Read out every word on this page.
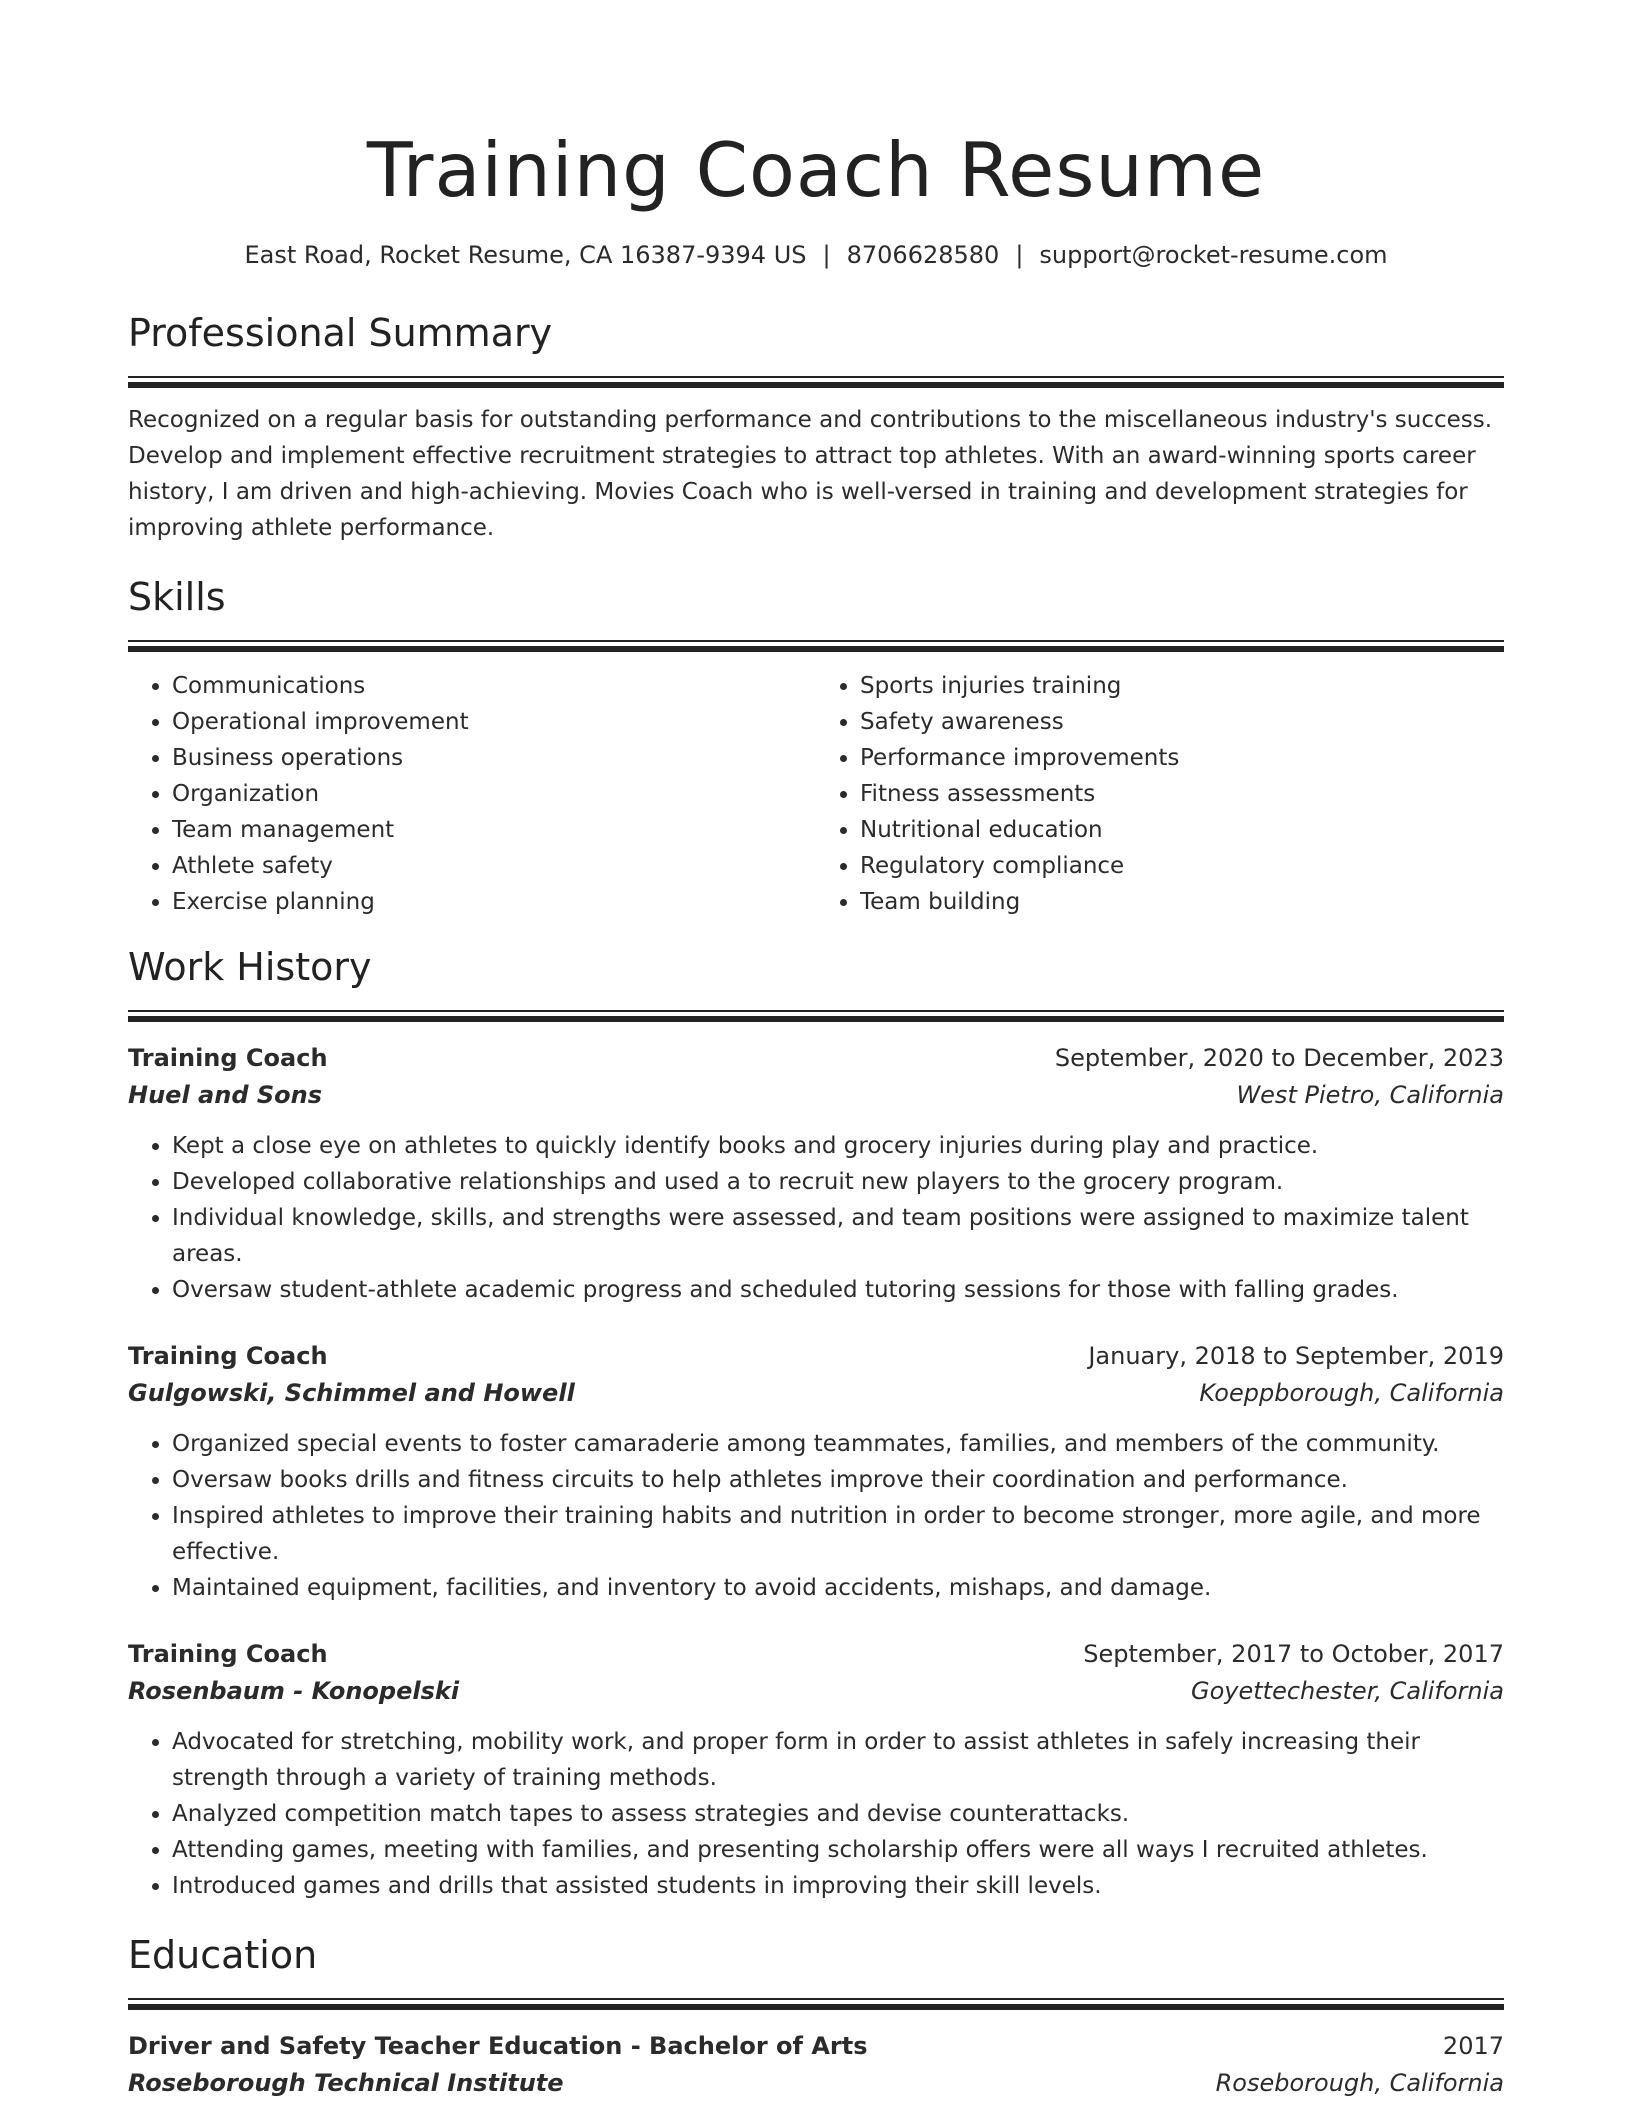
Training Coach Resume
East Road, Rocket Resume, CA 16387-9394 US | 8706628580 | support@rocket-resume.com
Professional Summary

Recognized on a regular basis for outstanding performance and contributions to the miscellaneous industry's success. Develop and implement effective recruitment strategies to attract top athletes. With an award-winning sports career history, I am driven and high-achieving. Movies Coach who is well-versed in training and development strategies for improving athlete performance.

Skills
• Communications
• Operational improvement
• Business operations
• Organization
• Team management
• Athlete safety
• Exercise planning
• Sports injuries training
• Safety awareness
• Performance improvements
• Fitness assessments
• Nutritional education
• Regulatory compliance
• Team building
Work History
Training Coach	September, 2020 to December, 2023
Huel and Sons	West Pietro, California
• Kept a close eye on athletes to quickly identify books and grocery injuries during play and practice.
• Developed collaborative relationships and used a to recruit new players to the grocery program.
• Individual knowledge, skills, and strengths were assessed, and team positions were assigned to maximize talent areas.
• Oversaw student-athlete academic progress and scheduled tutoring sessions for those with falling grades.
Training Coach	January, 2018 to September, 2019
Gulgowski, Schimmel and Howell	Koeppborough, California
• Organized special events to foster camaraderie among teammates, families, and members of the community.
• Oversaw books drills and fitness circuits to help athletes improve their coordination and performance.
• Inspired athletes to improve their training habits and nutrition in order to become stronger, more agile, and more effective.
• Maintained equipment, facilities, and inventory to avoid accidents, mishaps, and damage.
Training Coach	September, 2017 to October, 2017
Rosenbaum - Konopelski	Goyettechester, California
• Advocated for stretching, mobility work, and proper form in order to assist athletes in safely increasing their strength through a variety of training methods.
• Analyzed competition match tapes to assess strategies and devise counterattacks.
• Attending games, meeting with families, and presenting scholarship offers were all ways I recruited athletes.
• Introduced games and drills that assisted students in improving their skill levels.
Education
Driver and Safety Teacher Education - Bachelor of Arts	2017
Roseborough Technical Institute	Roseborough, California
